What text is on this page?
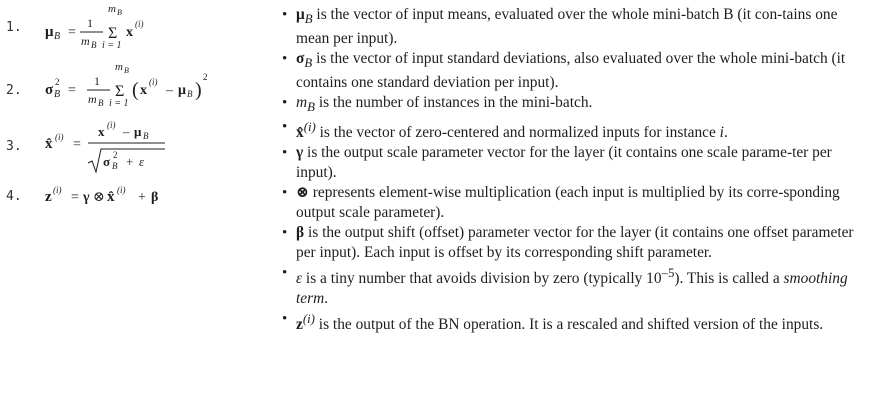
1.
2.
3.
4.
μ B =
1
m B
m B
Σ
i = 1
x
(i)
σ B
2
=
1
m B
m B
Σ
i = 1
( x
(i)
– μ B )
2
x̂ (i) =
x (i) – μ B
σ B
2 + ε
z (i) = γ ⊗ x̂ (i) + β
• $\mu_B$ is the vector of input means, evaluated over the whole mini-batch B (it con-tains one mean per input).
• $\sigma_B$ is the vector of input standard deviations, also evaluated over the whole mini-batch (it contains one standard deviation per input).
• $m_B$ is the number of instances in the mini-batch.
• x̂$^{(i)}$ is the vector of zero-centered and normalized inputs for instance i.
• γ is the output scale parameter vector for the layer (it contains one scale parame-ter per input).
• ⊗ represents element-wise multiplication (each input is multiplied by its corre-sponding output scale parameter).
• β is the output shift (offset) parameter vector for the layer (it contains one offset parameter per input). Each input is offset by its corresponding shift parameter.
• ε is a tiny number that avoids division by zero (typically $10^{-5}$). This is called a smoothing term.
• $z^{(i)}$ is the output of the BN operation. It is a rescaled and shifted version of the inputs.
